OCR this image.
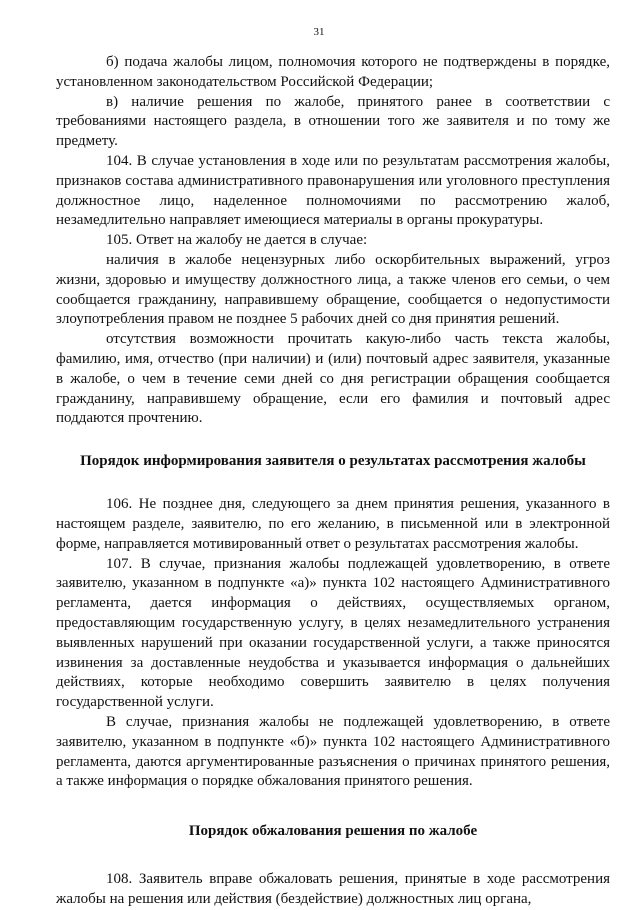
31

б) подача жалобы лицом, полномочия которого не подтверждены в порядке, установленном законодательством Российской Федерации;

в) наличие решения по жалобе, принятого ранее в соответствии с требованиями настоящего раздела, в отношении того же заявителя и по тому же предмету.

104. В случае установления в ходе или по результатам рассмотрения жалобы, признаков состава административного правонарушения или уголовного преступления должностное лицо, наделенное полномочиями по рассмотрению жалоб, незамедлительно направляет имеющиеся материалы в органы прокуратуры.

105. Ответ на жалобу не дается в случае:

наличия в жалобе нецензурных либо оскорбительных выражений, угроз жизни, здоровью и имуществу должностного лица, а также членов его семьи, о чем сообщается гражданину, направившему обращение, сообщается о недопустимости злоупотребления правом не позднее 5 рабочих дней со дня принятия решений.

отсутствия возможности прочитать какую-либо часть текста жалобы, фамилию, имя, отчество (при наличии) и (или) почтовый адрес заявителя, указанные в жалобе, о чем в течение семи дней со дня регистрации обращения сообщается гражданину, направившему обращение, если его фамилия и почтовый адрес поддаются прочтению.

Порядок информирования заявителя о результатах рассмотрения жалобы

106. Не позднее дня, следующего за днем принятия решения, указанного в настоящем разделе, заявителю, по его желанию, в письменной или в электронной форме, направляется мотивированный ответ о результатах рассмотрения жалобы.

107. В случае, признания жалобы подлежащей удовлетворению, в ответе заявителю, указанном в подпункте «а)» пункта 102 настоящего Административного регламента, дается информация о действиях, осуществляемых органом, предоставляющим государственную услугу, в целях незамедлительного устранения выявленных нарушений при оказании государственной услуги, а также приносятся извинения за доставленные неудобства и указывается информация о дальнейших действиях, которые необходимо совершить заявителю в целях получения государственной услуги.

В случае, признания жалобы не подлежащей удовлетворению, в ответе заявителю, указанном в подпункте «б)» пункта 102 настоящего Административного регламента, даются аргументированные разъяснения о причинах принятого решения, а также информация о порядке обжалования принятого решения.

Порядок обжалования решения по жалобе

108. Заявитель вправе обжаловать решения, принятые в ходе рассмотрения жалобы на решения или действия (бездействие) должностных лиц органа,
